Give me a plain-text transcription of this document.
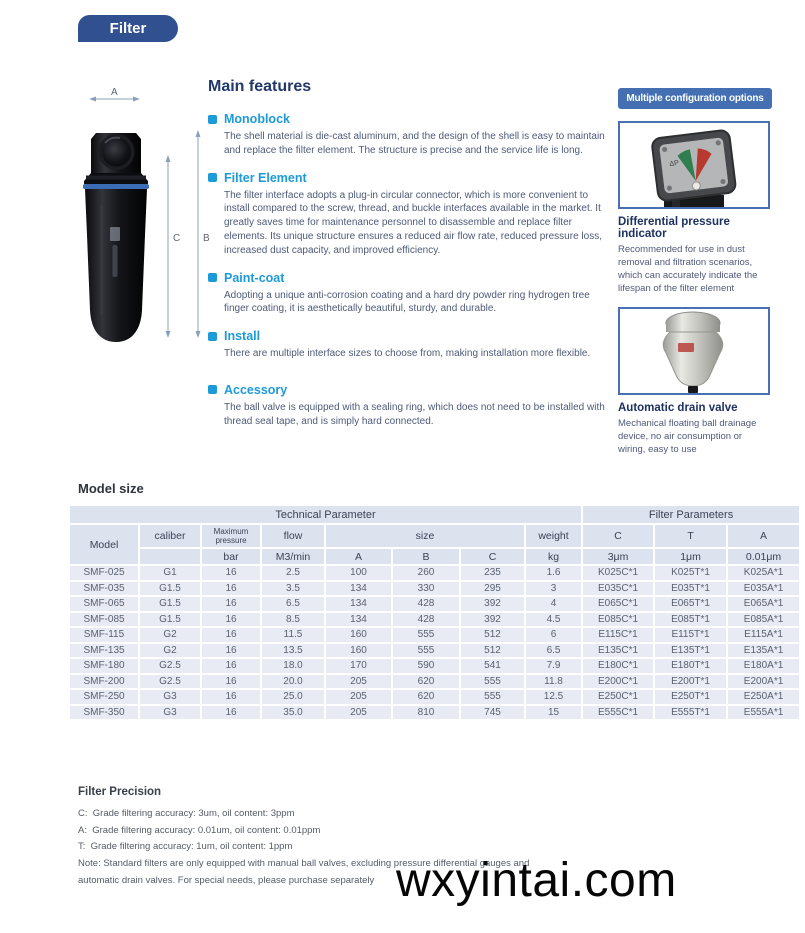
Filter
A
C B
Main features
Monoblock

The shell material is die-cast aluminum, and the design of the shell is easy to maintain and replace the filter element. The structure is precise and the service life is long.

Filter Element

The filter interface adopts a plug-in circular connector, which is more convenient to install compared to the screw, thread, and buckle interfaces available in the market. It greatly saves time for maintenance personnel to disassemble and replace filter elements. Its unique structure ensures a reduced air flow rate, reduced pressure loss, increased dust capacity, and improved efficiency.

Paint-coat

Adopting a unique anti-corrosion coating and a hard dry powder ring hydrogen tree finger coating, it is aesthetically beautiful, sturdy, and durable.

Install

There are multiple interface sizes to choose from, making installation more flexible.

Accessory

The ball valve is equipped with a sealing ring, which does not need to be installed with thread seal tape, and is simply hard connected.

Multiple configuration options
ΔP
Differential pressure indicator
Recommended for use in dust removal and filtration scenarios, which can accurately indicate the lifespan of the filter element
Automatic drain valve
Mechanical floating ball drainage device, no air consumption or wiring, easy to use
Model size
Technical Parameter								Filter Parameters		
Model	caliber	Maximum pressure	flow	size			weight	C	T	A
		bar	M3/min	A	B	C	kg	3μm	1μm	0.01μm
SMF-025	G1	16	2.5	100	260	235	1.6	K025C*1	K025T*1	K025A*1
SMF-035	G1.5	16	3.5	134	330	295	3	E035C*1	E035T*1	E035A*1
SMF-065	G1.5	16	6.5	134	428	392	4	E065C*1	E065T*1	E065A*1
SMF-085	G1.5	16	8.5	134	428	392	4.5	E085C*1	E085T*1	E085A*1
SMF-115	G2	16	11.5	160	555	512	6	E115C*1	E115T*1	E115A*1
SMF-135	G2	16	13.5	160	555	512	6.5	E135C*1	E135T*1	E135A*1
SMF-180	G2.5	16	18.0	170	590	541	7.9	E180C*1	E180T*1	E180A*1
SMF-200	G2.5	16	20.0	205	620	555	11.8	E200C*1	E200T*1	E200A*1
SMF-250	G3	16	25.0	205	620	555	12.5	E250C*1	E250T*1	E250A*1
SMF-350	G3	16	35.0	205	810	745	15	E555C*1	E555T*1	E555A*1
Filter Precision
C:  Grade filtering accuracy: 3um, oil content: 3ppm
A:  Grade filtering accuracy: 0.01um, oil content: 0.01ppm
T:  Grade filtering accuracy: 1um, oil content: 1ppm
Note: Standard filters are only equipped with manual ball valves, excluding pressure differential gauges and
automatic drain valves. For special needs, please purchase separately wxyintai.com
